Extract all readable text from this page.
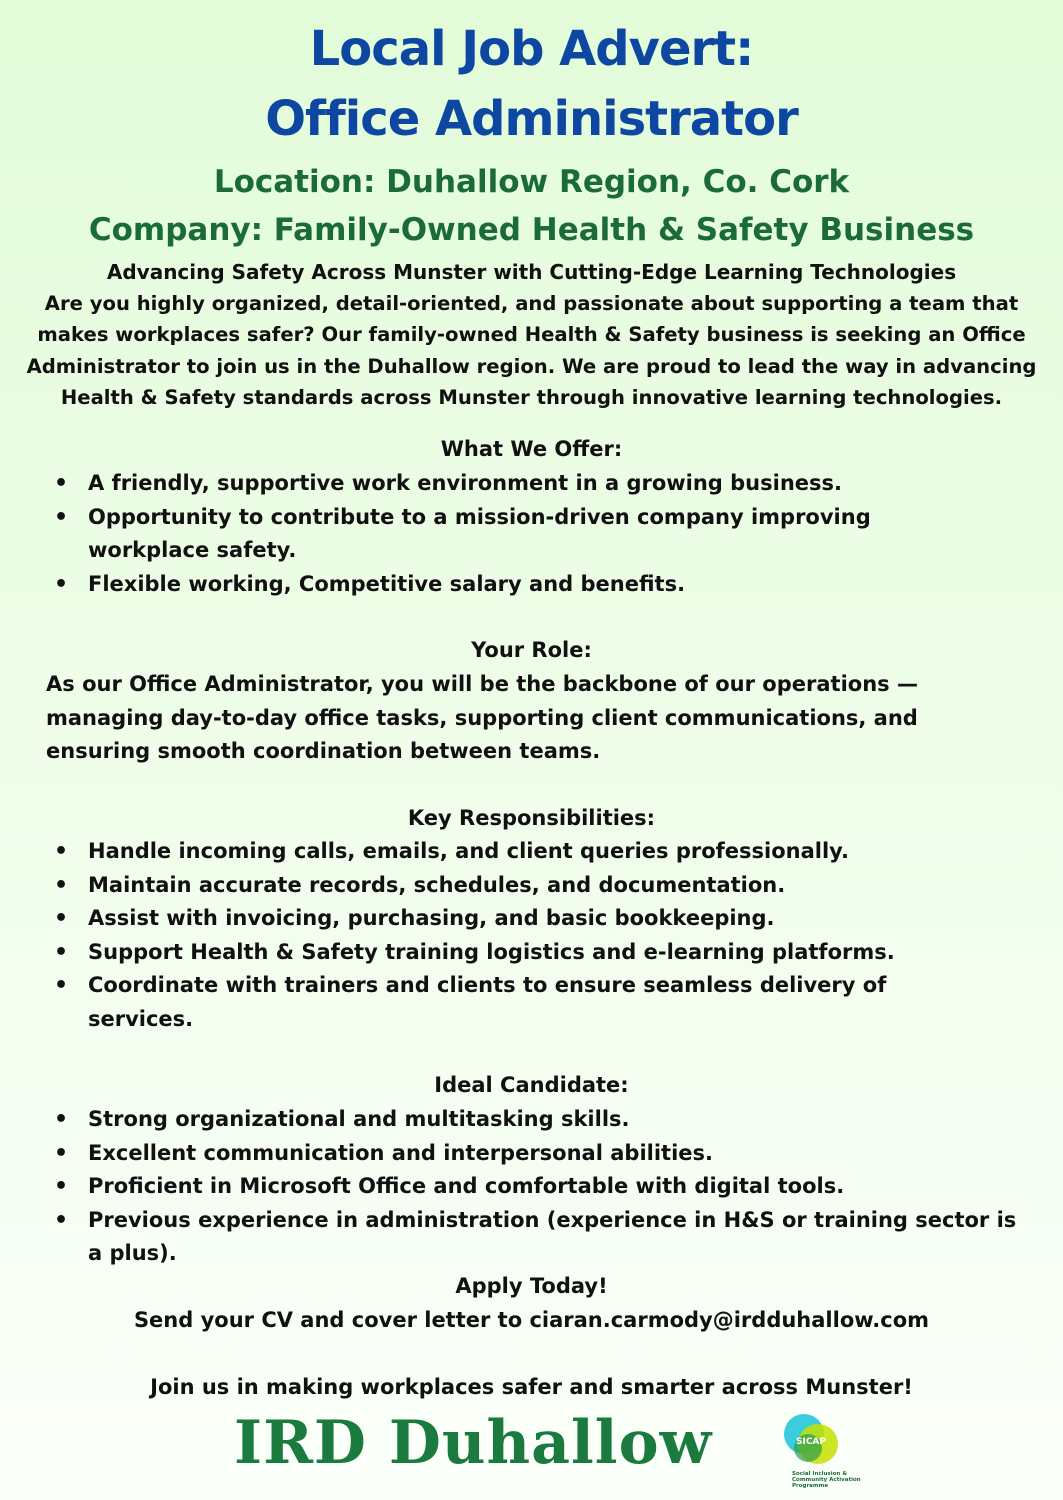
Local Job Advert:
Office Administrator
Location: Duhallow Region, Co. Cork
Company: Family-Owned Health & Safety Business
Advancing Safety Across Munster with Cutting-Edge Learning Technologies
Are you highly organized, detail-oriented, and passionate about supporting a team that makes workplaces safer? Our family-owned Health & Safety business is seeking an Office Administrator to join us in the Duhallow region. We are proud to lead the way in advancing Health & Safety standards across Munster through innovative learning technologies.
What We Offer:
• A friendly, supportive work environment in a growing business.
• Opportunity to contribute to a mission-driven company improving workplace safety.
• Flexible working, Competitive salary and benefits.
Your Role:
As our Office Administrator, you will be the backbone of our operations — managing day-to-day office tasks, supporting client communications, and ensuring smooth coordination between teams.
Key Responsibilities:
• Handle incoming calls, emails, and client queries professionally.
• Maintain accurate records, schedules, and documentation.
• Assist with invoicing, purchasing, and basic bookkeeping.
• Support Health & Safety training logistics and e-learning platforms.
• Coordinate with trainers and clients to ensure seamless delivery of services.
Ideal Candidate:
• Strong organizational and multitasking skills.
• Excellent communication and interpersonal abilities.
• Proficient in Microsoft Office and comfortable with digital tools.
• Previous experience in administration (experience in H&S or training sector is a plus).
Apply Today!
Send your CV and cover letter to ciaran.carmody@irdduhallow.com
Join us in making workplaces safer and smarter across Munster!
IRD Duhallow	SICAP
Social Inclusion & Community Activation Programme
